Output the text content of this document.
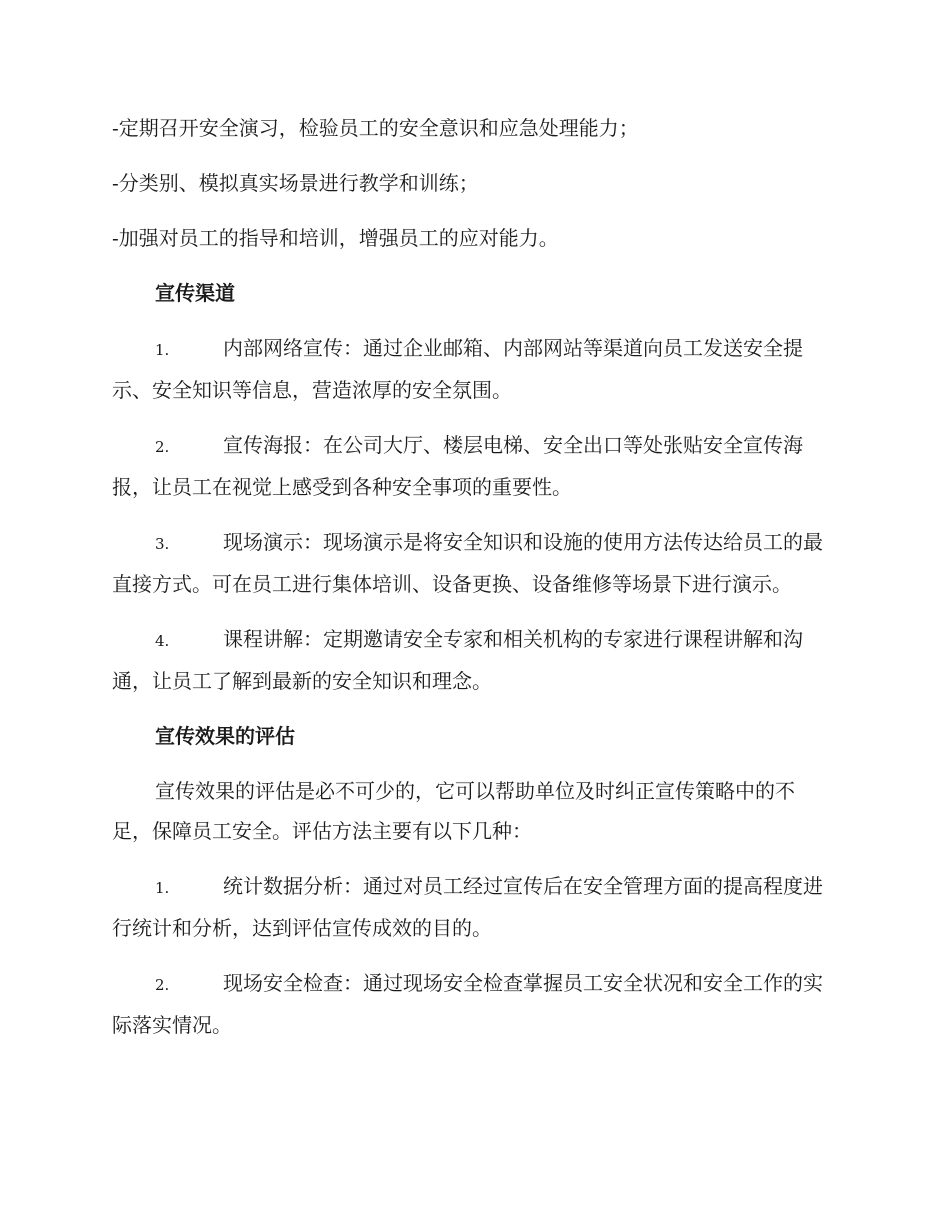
-定期召开安全演习，检验员工的安全意识和应急处理能力；

-分类别、模拟真实场景进行教学和训练；

-加强对员工的指导和培训，增强员工的应对能力。

宣传渠道

1.	内部网络宣传：通过企业邮箱、内部网站等渠道向员工发送安全提示、安全知识等信息，营造浓厚的安全氛围。

2.	宣传海报：在公司大厅、楼层电梯、安全出口等处张贴安全宣传海报，让员工在视觉上感受到各种安全事项的重要性。

3.	现场演示：现场演示是将安全知识和设施的使用方法传达给员工的最直接方式。可在员工进行集体培训、设备更换、设备维修等场景下进行演示。

4.	课程讲解：定期邀请安全专家和相关机构的专家进行课程讲解和沟通，让员工了解到最新的安全知识和理念。

宣传效果的评估

宣传效果的评估是必不可少的，它可以帮助单位及时纠正宣传策略中的不足，保障员工安全。评估方法主要有以下几种：

1.	统计数据分析：通过对员工经过宣传后在安全管理方面的提高程度进行统计和分析，达到评估宣传成效的目的。

2.	现场安全检查：通过现场安全检查掌握员工安全状况和安全工作的实际落实情况。
